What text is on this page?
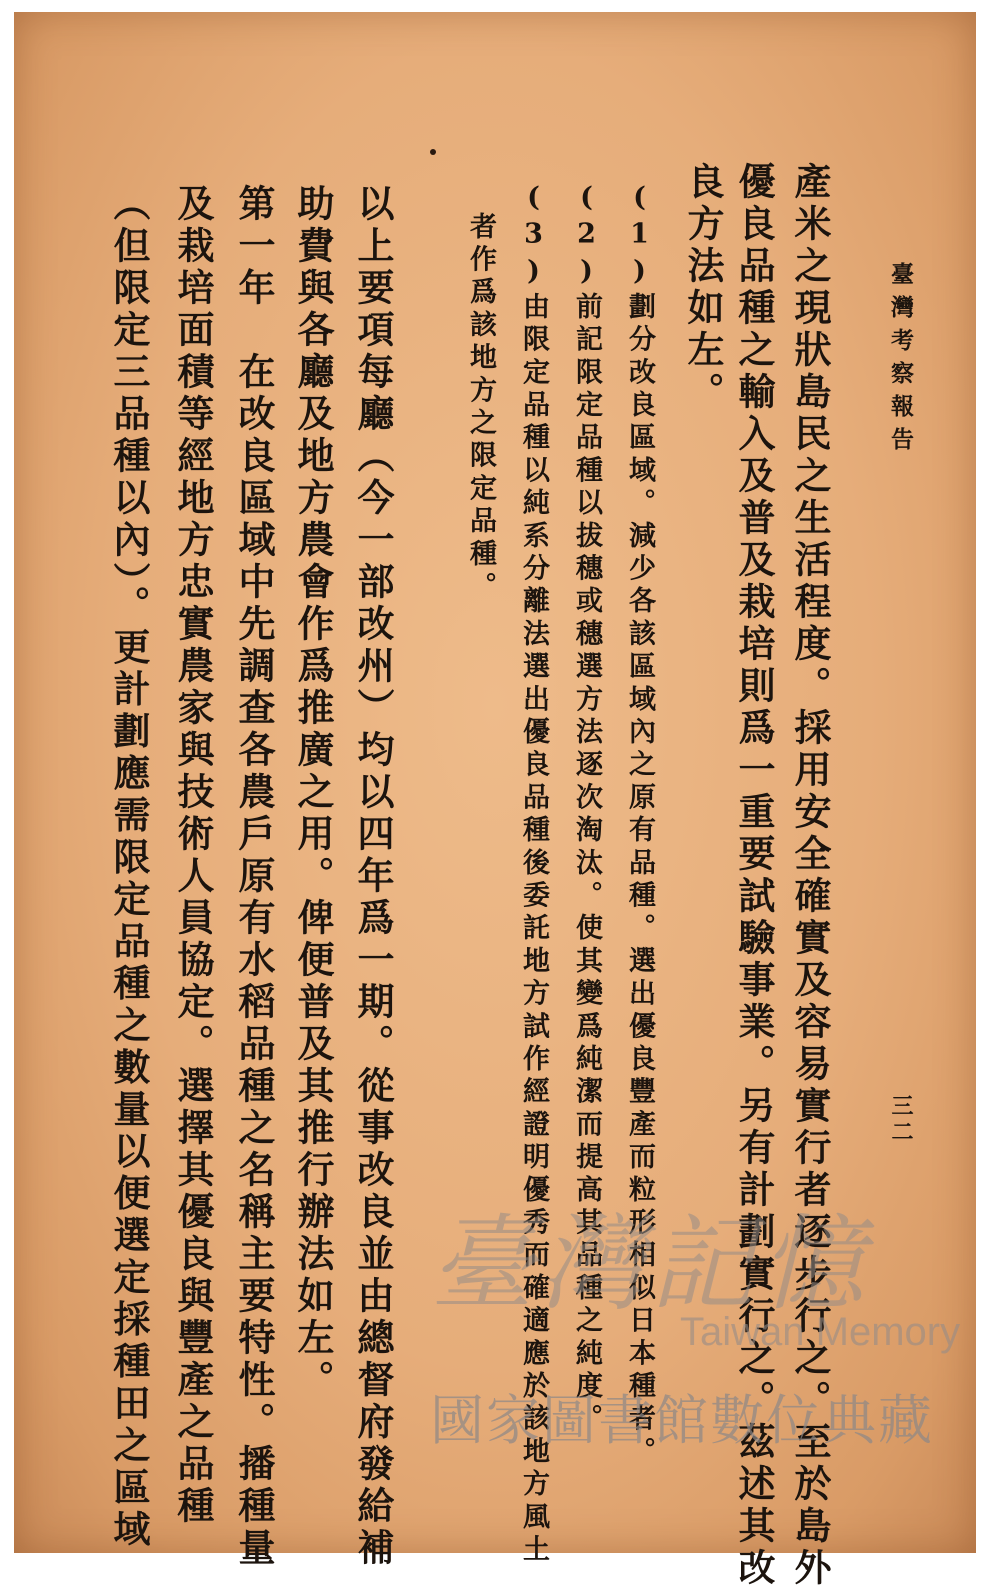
臺灣考察報告
三二
產米之現狀島民之生活程度。採用安全確實及容易實行者逐步行之。至於島外
優良品種之輸入及普及栽培則爲一重要試驗事業。另有計劃實行之。茲述其改
良方法如左。
(1)劃分改良區域。減少各該區域內之原有品種。選出優良豐產而粒形相似日本種者。
(2)前記限定品種以拔穗或穗選方法逐次淘汰。使其變爲純潔而提高其品種之純度。
(3)由限定品種以純系分離法選出優良品種後委託地方試作經證明優秀而確適應於該地方風土
者作爲該地方之限定品種。
以上要項每廳（今一部改州）均以四年爲一期。從事改良並由總督府發給補
助費與各廳及地方農會作爲推廣之用。俾便普及其推行辦法如左。
第一年　在改良區域中先調查各農戶原有水稻品種之名稱主要特性。播種量
及栽培面積等經地方忠實農家與技術人員協定。選擇其優良與豐產之品種
（但限定三品種以內）。更計劃應需限定品種之數量以便選定採種田之區域	臺灣記憶
Taiwan Memory
國家圖書館數位典藏
